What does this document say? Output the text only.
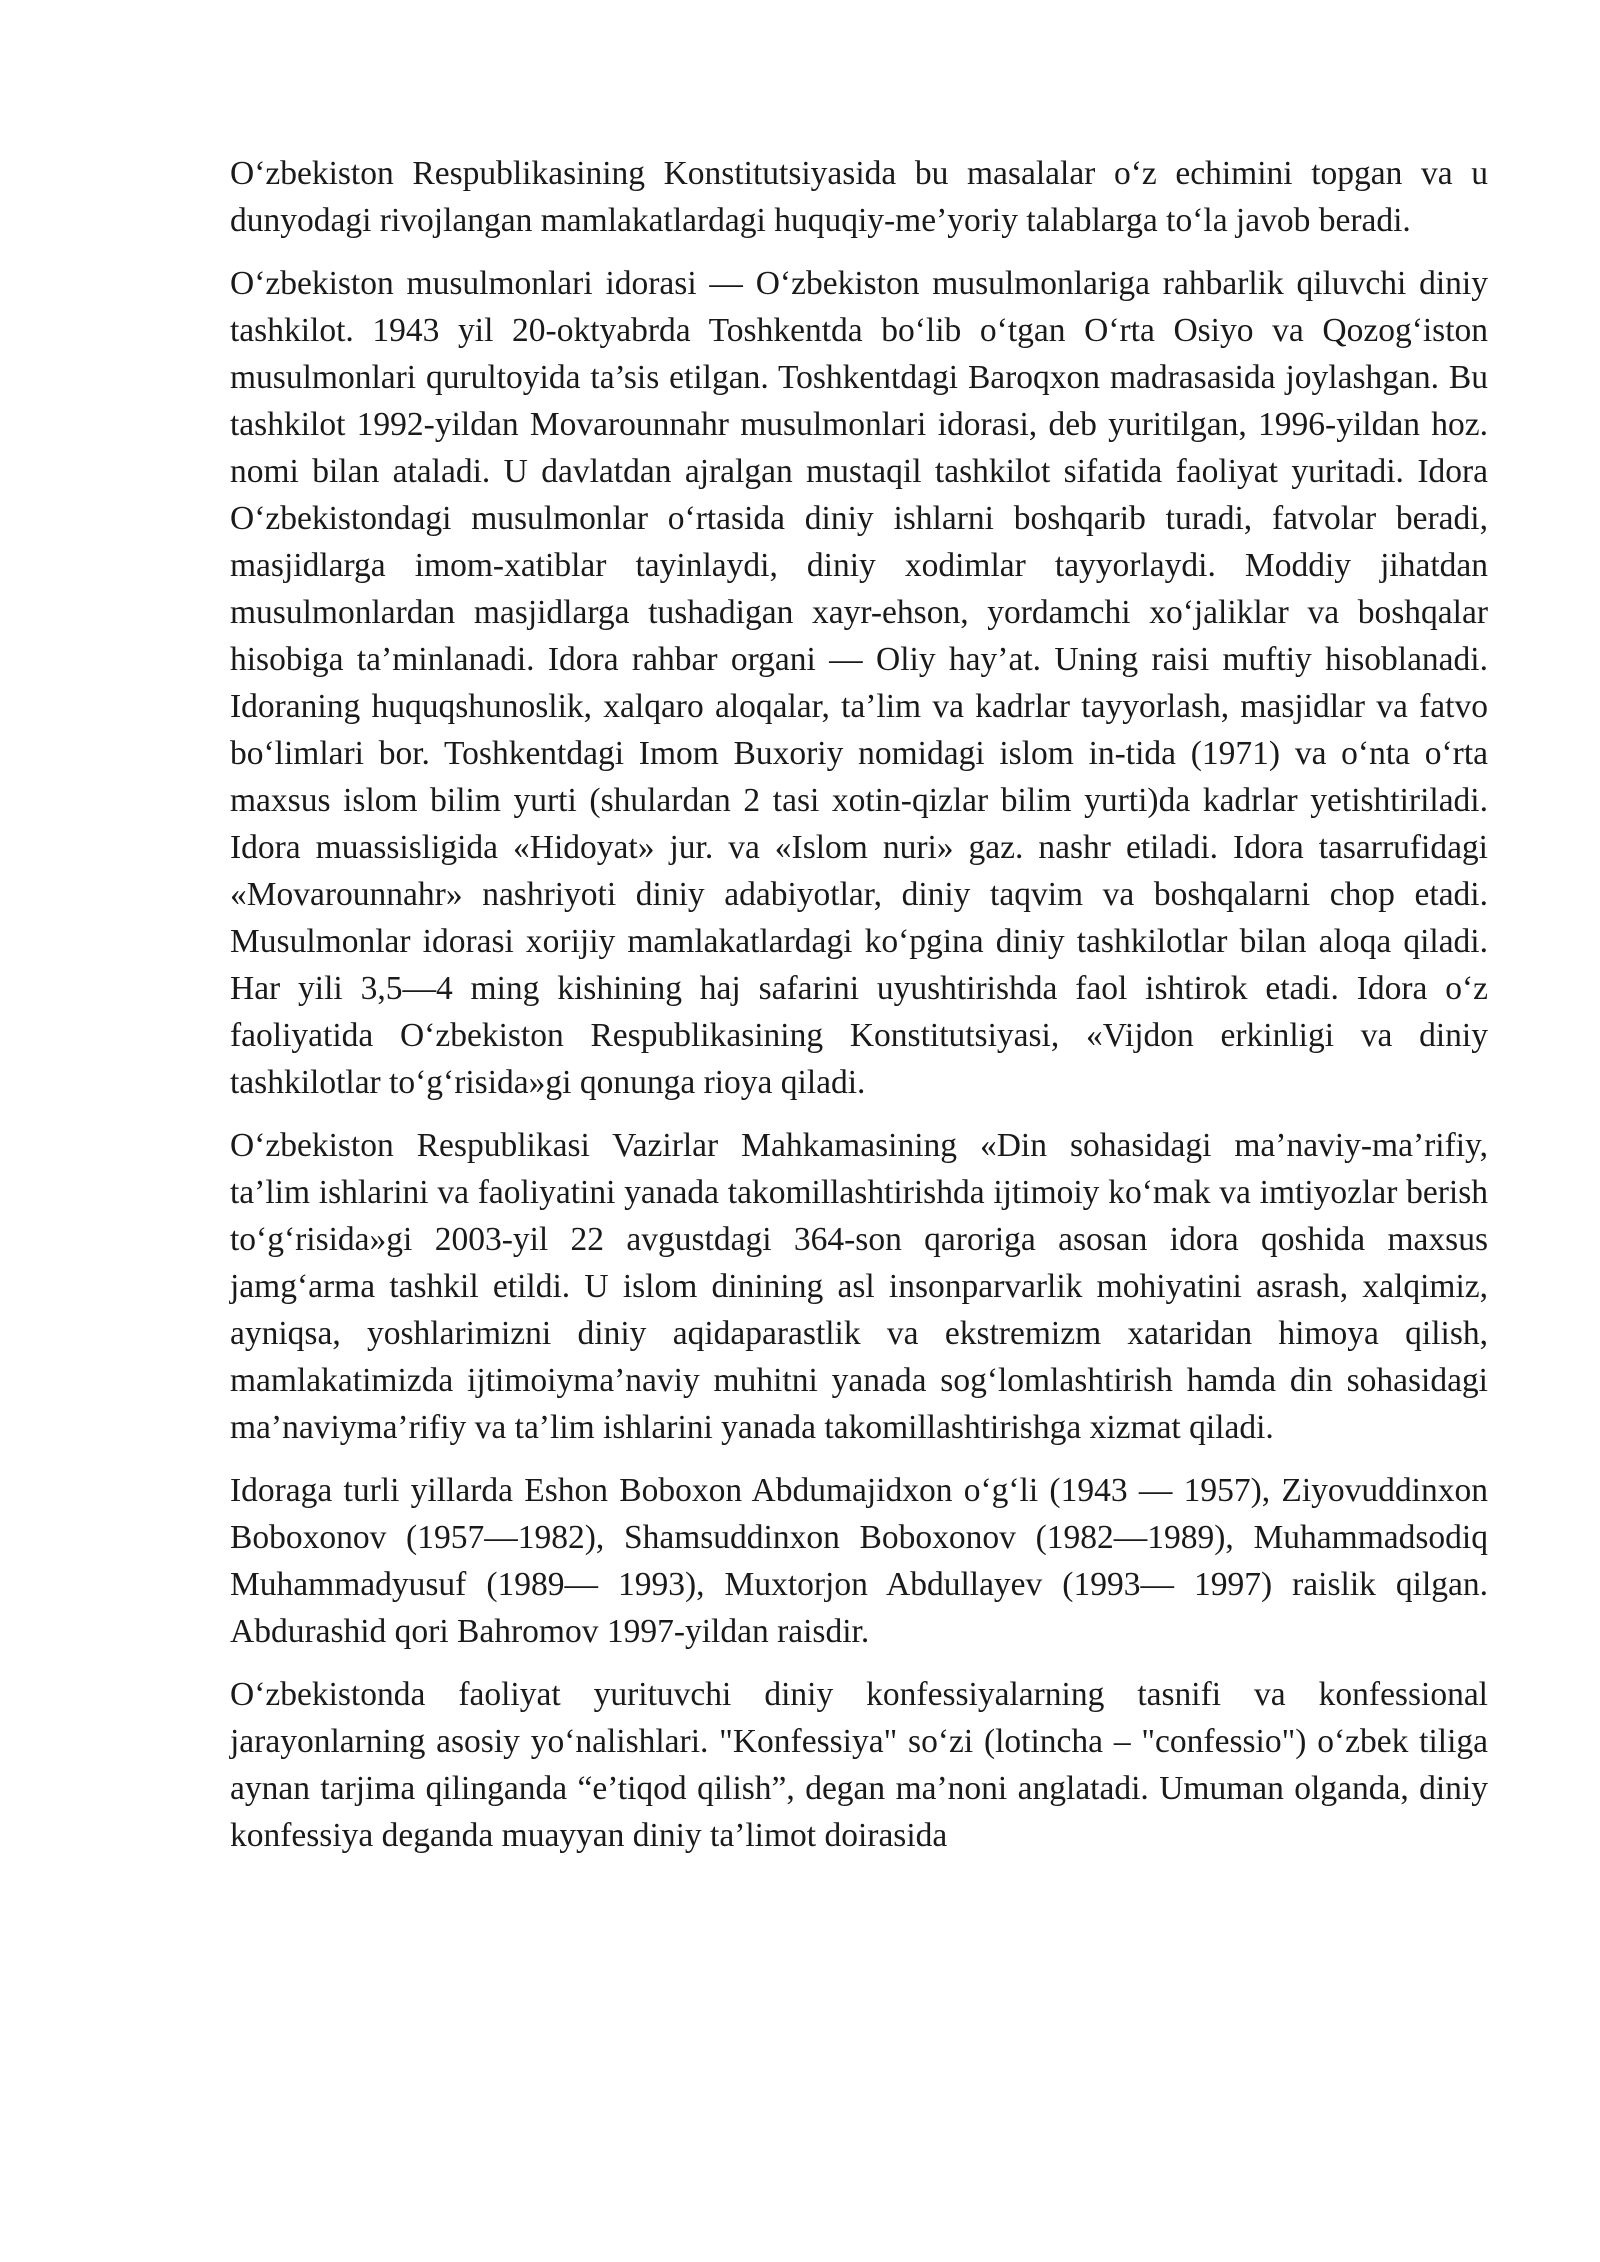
Oʻzbekiston Respublikasining Konstitutsiyasida bu masalalar oʻz echimini topgan va u dunyodagi rivojlangan mamlakatlardagi huquqiy-me’yoriy talablarga toʻla javob beradi.

Oʻzbekiston musulmonlari idorasi — Oʻzbekiston musulmonlariga rahbarlik qiluvchi diniy tashkilot. 1943 yil 20-oktyabrda Toshkentda boʻlib oʻtgan Oʻrta Osiyo va Qozogʻiston musulmonlari qurultoyida ta’sis etilgan. Toshkentdagi Baroqxon madrasasida joylashgan. Bu tashkilot 1992-yildan Movarounnahr musulmonlari idorasi, deb yuritilgan, 1996-yildan hoz. nomi bilan ataladi. U davlatdan ajralgan mustaqil tashkilot sifatida faoliyat yuritadi. Idora Oʻzbekistondagi musulmonlar oʻrtasida diniy ishlarni boshqarib turadi, fatvolar beradi, masjidlarga imom-xatiblar tayinlaydi, diniy xodimlar tayyorlaydi. Moddiy jihatdan musulmonlardan masjidlarga tushadigan xayr-ehson, yordamchi xoʻjaliklar va boshqalar hisobiga ta’minlanadi. Idora rahbar organi — Oliy hay’at. Uning raisi muftiy hisoblanadi. Idoraning huquqshunoslik, xalqaro aloqalar, ta’lim va kadrlar tayyorlash, masjidlar va fatvo boʻlimlari bor. Toshkentdagi Imom Buxoriy nomidagi islom in-tida (1971) va oʻnta oʻrta maxsus islom bilim yurti (shulardan 2 tasi xotin-qizlar bilim yurti)da kadrlar yetishtiriladi. Idora muassisligida «Hidoyat» jur. va «Islom nuri» gaz. nashr etiladi. Idora tasarrufidagi «Movarounnahr» nashriyoti diniy adabiyotlar, diniy taqvim va boshqalarni chop etadi. Musulmonlar idorasi xorijiy mamlakatlardagi koʻpgina diniy tashkilotlar bilan aloqa qiladi. Har yili 3,5—4 ming kishining haj safarini uyushtirishda faol ishtirok etadi. Idora oʻz faoliyatida Oʻzbekiston Respublikasining Konstitutsiyasi, «Vijdon erkinligi va diniy tashkilotlar toʻgʻrisida»gi qonunga rioya qiladi.

Oʻzbekiston Respublikasi Vazirlar Mahkamasining «Din sohasidagi ma’naviy-ma’rifiy, ta’lim ishlarini va faoliyatini yanada takomillashtirishda ijtimoiy koʻmak va imtiyozlar berish toʻgʻrisida»gi 2003-yil 22 avgustdagi 364-son qaroriga asosan idora qoshida maxsus jamgʻarma tashkil etildi. U islom dinining asl insonparvarlik mohiyatini asrash, xalqimiz, ayniqsa, yoshlarimizni diniy aqidaparastlik va ekstremizm xataridan himoya qilish, mamlakatimizda ijtimoiyma’naviy muhitni yanada sogʻlomlashtirish hamda din sohasidagi ma’naviyma’rifiy va ta’lim ishlarini yanada takomillashtirishga xizmat qiladi.

Idoraga turli yillarda Eshon Boboxon Abdumajidxon oʻgʻli (1943 — 1957), Ziyovuddinxon Boboxonov (1957—1982), Shamsuddinxon Boboxonov (1982—1989), Muhammadsodiq Muhammadyusuf (1989— 1993), Muxtorjon Abdullayev (1993— 1997) raislik qilgan. Abdurashid qori Bahromov 1997-yildan raisdir.

Oʻzbekistonda faoliyat yurituvchi diniy konfessiyalarning tasnifi va konfessional jarayonlarning asosiy yoʻnalishlari. "Konfessiya" soʻzi (lotincha – "confessio") oʻzbek tiliga aynan tarjima qilinganda “e’tiqod qilish”, degan ma’noni anglatadi. Umuman olganda, diniy konfessiya deganda muayyan diniy ta’limot doirasida
